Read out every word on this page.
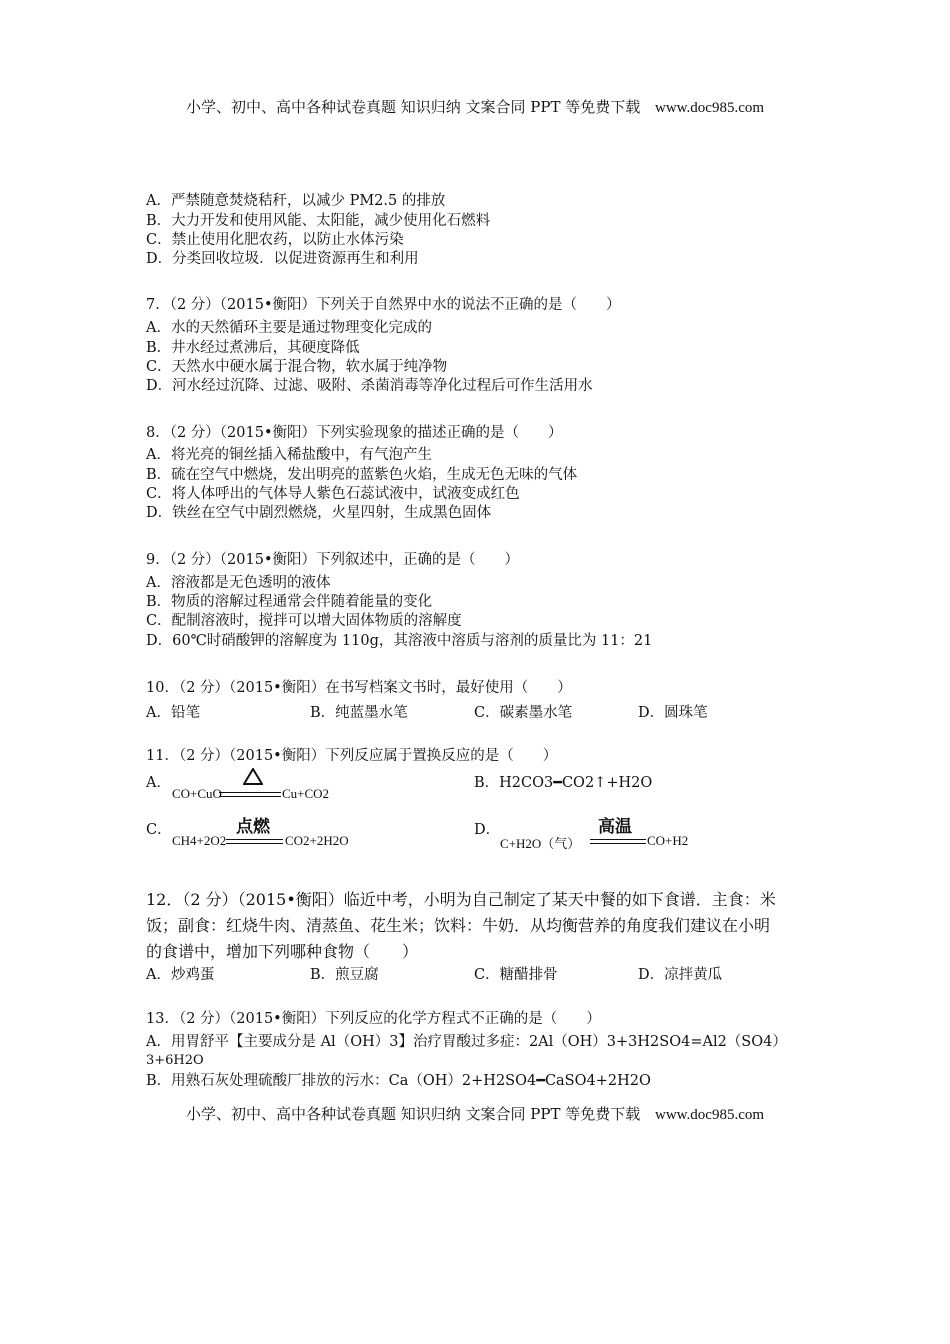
小学、初中、高中各种试卷真题 知识归纳 文案合同 PPT 等免费下载 www.doc985.com
A．严禁随意焚烧秸秆，以减少 PM2.5 的排放
B．大力开发和使用风能、太阳能，减少使用化石燃料
C．禁止使用化肥农药，以防止水体污染
D．分类回收垃圾．以促进资源再生和利用
7．（2 分）（2015•衡阳）下列关于自然界中水的说法不正确的是（　　）
A．水的天然循环主要是通过物理变化完成的
B．井水经过煮沸后，其硬度降低
C．天然水中硬水属于混合物，软水属于纯净物
D．河水经过沉降、过滤、吸附、杀菌消毒等净化过程后可作生活用水
8．（2 分）（2015•衡阳）下列实验现象的描述正确的是（　　）
A．将光亮的铜丝插入稀盐酸中，有气泡产生
B．硫在空气中燃烧，发出明亮的蓝紫色火焰，生成无色无味的气体
C．将人体呼出的气体导人紫色石蕊试液中，试液变成红色
D．铁丝在空气中剧烈燃烧，火星四射，生成黑色固体
9．（2 分）（2015•衡阳）下列叙述中，正确的是（　　）
A．溶液都是无色透明的液体
B．物质的溶解过程通常会伴随着能量的变化
C．配制溶液时，搅拌可以增大固体物质的溶解度
D．60℃时硝酸钾的溶解度为 110g，其溶液中溶质与溶剂的质量比为 11：21
10．（2 分）（2015•衡阳）在书写档案文书时，最好使用（　　）
A．铅笔	B．纯蓝墨水笔	C．碳素墨水笔	D．圆珠笔
11．（2 分）（2015•衡阳）下列反应属于置换反应的是（　　）
A．
CO+CuO	Cu+CO2
B．H2CO3━CO2↑+H2O
C．
CH4+2O2
点燃
CO2+2H2O
D．
C+H2O（气）
高温
CO+H2
12．（2 分）（2015•衡阳）临近中考，小明为自己制定了某天中餐的如下食谱．主食：米
饭；副食：红烧牛肉、清蒸鱼、花生米；饮料：牛奶．从均衡营养的角度我们建议在小明
的食谱中，增加下列哪种食物（　　）
A．炒鸡蛋	B．煎豆腐	C．糖醋排骨	D．凉拌黄瓜
13．（2 分）（2015•衡阳）下列反应的化学方程式不正确的是（　　）
A．用胃舒平【主要成分是 Al（OH）3】治疗胃酸过多症：2Al（OH）3+3H2SO4=Al2（SO4）
3+6H2O
B．用熟石灰处理硫酸厂排放的污水：Ca（OH）2+H2SO4━CaSO4+2H2O
小学、初中、高中各种试卷真题 知识归纳 文案合同 PPT 等免费下载 www.doc985.com
